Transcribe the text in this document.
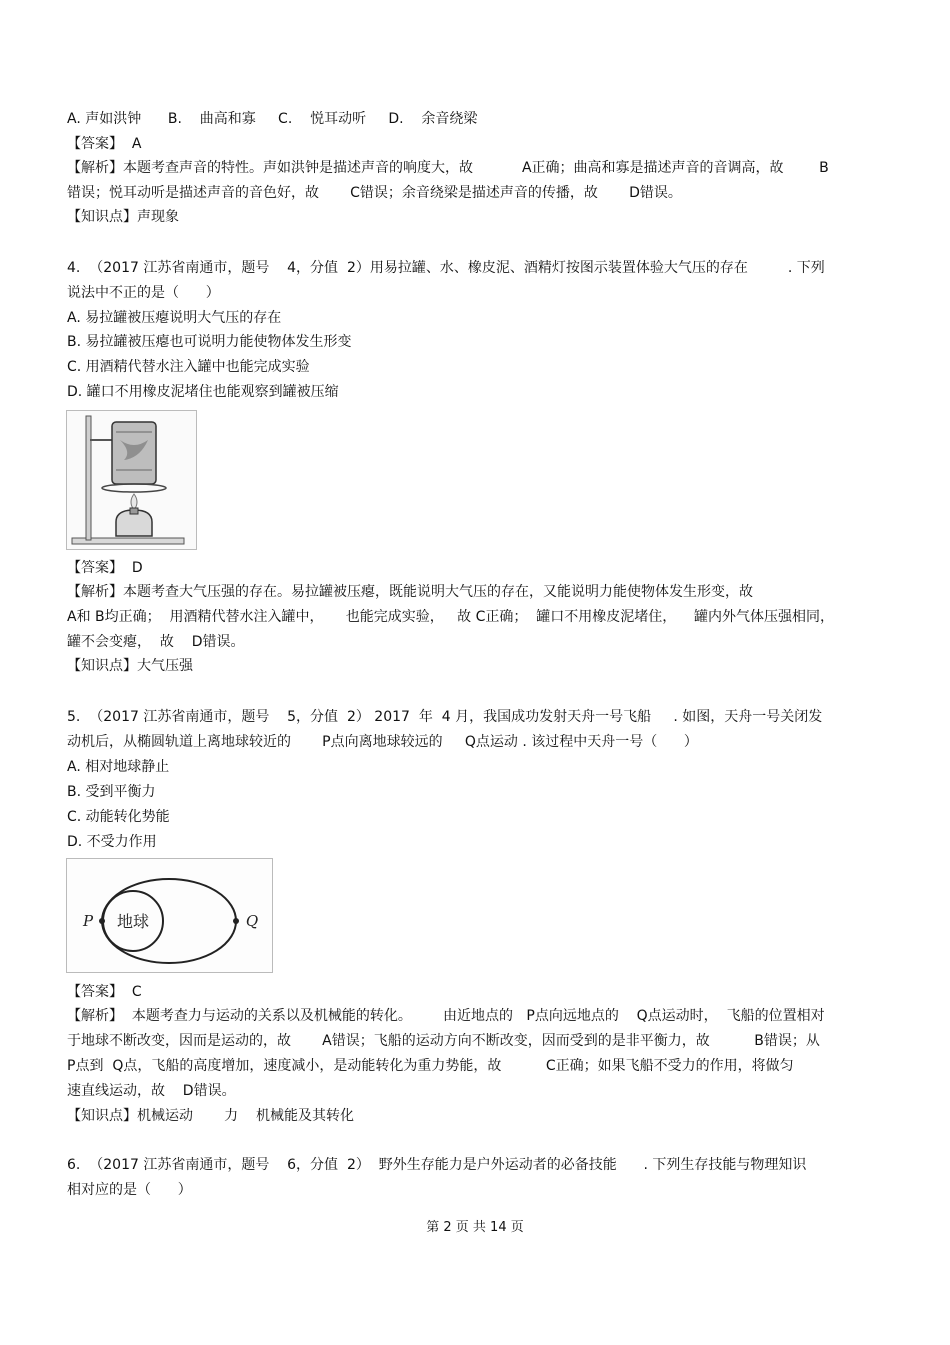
A. 声如洪钟      B.    曲高和寡     C.    悦耳动听     D.    余音绕梁
【答案】  A
【解析】本题考查声音的特性。声如洪钟是描述声音的响度大，故           A正确；曲高和寡是描述声音的音调高，故        B
错误；悦耳动听是描述声音的音色好，故       C错误；余音绕梁是描述声音的传播，故       D错误。
【知识点】声现象
4.  （2017 江苏省南通市，题号    4，分值  2）用易拉罐、水、橡皮泥、酒精灯按图示装置体验大气压的存在         . 下列
说法中不正的是（      ）
A. 易拉罐被压瘪说明大气压的存在
B. 易拉罐被压瘪也可说明力能使物体发生形变
C. 用酒精代替水注入罐中也能完成实验
D. 罐口不用橡皮泥堵住也能观察到罐被压缩
【答案】  D
【解析】本题考查大气压强的存在。易拉罐被压瘪，既能说明大气压的存在，又能说明力能使物体发生形变，故
A和 B均正确；  用酒精代替水注入罐中，     也能完成实验，   故 C正确；  罐口不用橡皮泥堵住，    罐内外气体压强相同，
罐不会变瘪，  故    D错误。
【知识点】大气压强
5.  （2017 江苏省南通市，题号    5，分值  2） 2017  年  4 月，我国成功发射天舟一号飞船     . 如图，天舟一号关闭发
动机后，从椭圆轨道上离地球较近的       P点向离地球较远的     Q点运动 . 该过程中天舟一号（      ）
A. 相对地球静止
B. 受到平衡力
C. 动能转化势能
D. 不受力作用
地球
P	Q
【答案】  C
【解析】  本题考查力与运动的关系以及机械能的转化。       由近地点的   P点向远地点的    Q点运动时，  飞船的位置相对
于地球不断改变，因而是运动的，故       A错误；飞船的运动方向不断改变，因而受到的是非平衡力，故          B错误；从
P点到  Q点，飞船的高度增加，速度减小，是动能转化为重力势能，故          C正确；如果飞船不受力的作用，将做匀
速直线运动，故    D错误。
【知识点】机械运动       力    机械能及其转化
6.  （2017 江苏省南通市，题号    6，分值  2）  野外生存能力是户外运动者的必备技能      . 下列生存技能与物理知识
相对应的是（      ）
第 2 页 共 14 页
